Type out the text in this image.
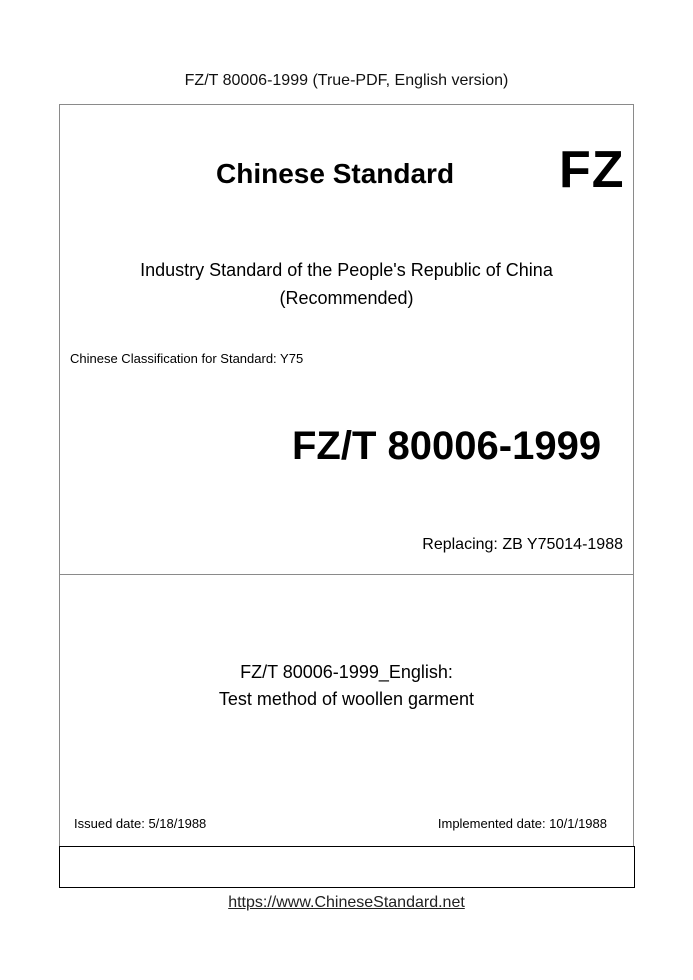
FZ/T 80006-1999 (True-PDF, English version)
Chinese Standard FZ
Industry Standard of the People's Republic of China
(Recommended)
Chinese Classification for Standard: Y75
FZ/T 80006-1999
Replacing: ZB Y75014-1988
FZ/T 80006-1999_English:
Test method of woollen garment
Issued date: 5/18/1988	Implemented date: 10/1/1988
https://www.ChineseStandard.net
